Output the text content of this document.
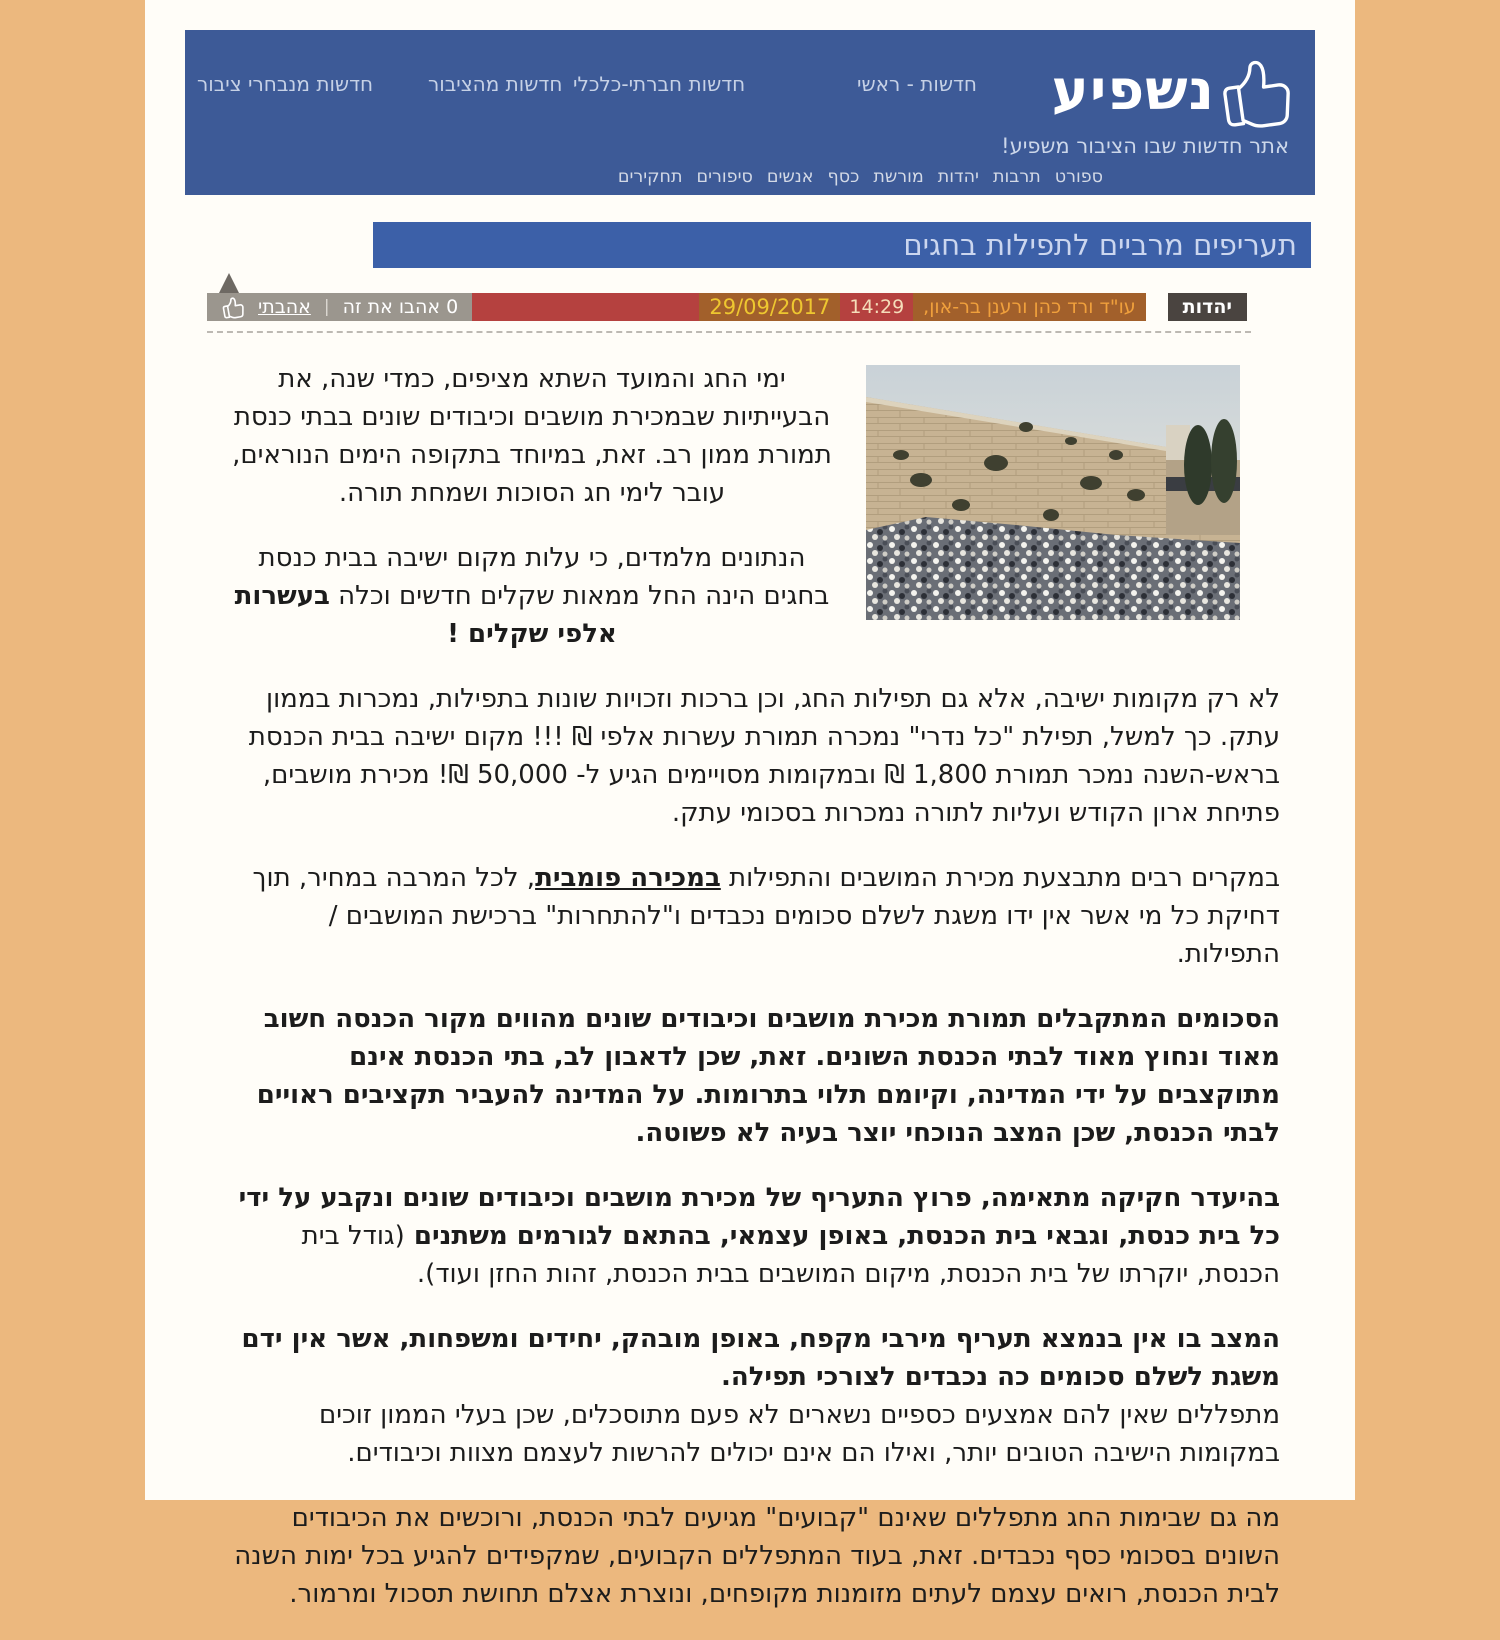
נשפיע
אתר חדשות שבו הציבור משפיע!
חדשות - ראשי
חדשות חברתי-כלכלי
חדשות מהציבור
חדשות מנבחרי ציבור
ספורט
תרבות
יהדות
מורשת
כסף
אנשים
סיפורים
תחקירים
תעריפים מרביים לתפילות בחגים
יהדות
עו"ד ורד כהן ורענן בר-און,
14:29
29/09/2017
0 אהבו את זה
|
אהבתי

ימי החג והמועד השתא מציפים, כמדי שנה, את הבעייתיות שבמכירת מושבים וכיבודים שונים בבתי כנסת תמורת ממון רב. זאת, במיוחד בתקופה הימים הנוראים, עובר לימי חג הסוכות ושמחת תורה.

הנתונים מלמדים, כי עלות מקום ישיבה בבית כנסת בחגים הינה החל ממאות שקלים חדשים וכלה בעשרות אלפי שקלים !

לא רק מקומות ישיבה, אלא גם תפילות החג, וכן ברכות וזכויות שונות בתפילות, נמכרות בממון עתק. כך למשל, תפילת "כל נדרי" נמכרה תמורת עשרות אלפי ₪ !!! מקום ישיבה בבית הכנסת בראש-השנה נמכר תמורת 1,800 ₪ ובמקומות מסויימים הגיע ל- 50,000 ₪! מכירת מושבים, פתיחת ארון הקודש ועליות לתורה נמכרות בסכומי עתק.

במקרים רבים מתבצעת מכירת המושבים והתפילות במכירה פומבית, לכל המרבה במחיר, תוך דחיקת כל מי אשר אין ידו משגת לשלם סכומים נכבדים ו"להתחרות" ברכישת המושבים / התפילות.

הסכומים המתקבלים תמורת מכירת מושבים וכיבודים שונים מהווים מקור הכנסה חשוב מאוד ונחוץ מאוד לבתי הכנסת השונים. זאת, שכן לדאבון לב, בתי הכנסת אינם מתוקצבים על ידי המדינה, וקיומם תלוי בתרומות. על המדינה להעביר תקציבים ראויים לבתי הכנסת, שכן המצב הנוכחי יוצר בעיה לא פשוטה.

בהיעדר חקיקה מתאימה, פרוץ התעריף של מכירת מושבים וכיבודים שונים ונקבע על ידי כל בית כנסת, וגבאי בית הכנסת, באופן עצמאי, בהתאם לגורמים משתנים (גודל בית הכנסת, יוקרתו של בית הכנסת, מיקום המושבים בבית הכנסת, זהות החזן ועוד).

המצב בו אין בנמצא תעריף מירבי מקפח, באופן מובהק, יחידים ומשפחות, אשר אין ידם משגת לשלם סכומים כה נכבדים לצורכי תפילה.
מתפללים שאין להם אמצעים כספיים נשארים לא פעם מתוסכלים, שכן בעלי הממון זוכים במקומות הישיבה הטובים יותר, ואילו הם אינם יכולים להרשות לעצמם מצוות וכיבודים.

מה גם שבימות החג מתפללים שאינם "קבועים" מגיעים לבתי הכנסת, ורוכשים את הכיבודים השונים בסכומי כסף נכבדים. זאת, בעוד המתפללים הקבועים, שמקפידים להגיע בכל ימות השנה לבית הכנסת, רואים עצמם לעתים מזומנות מקופחים, ונוצרת אצלם תחושת תסכול ומרמור.
